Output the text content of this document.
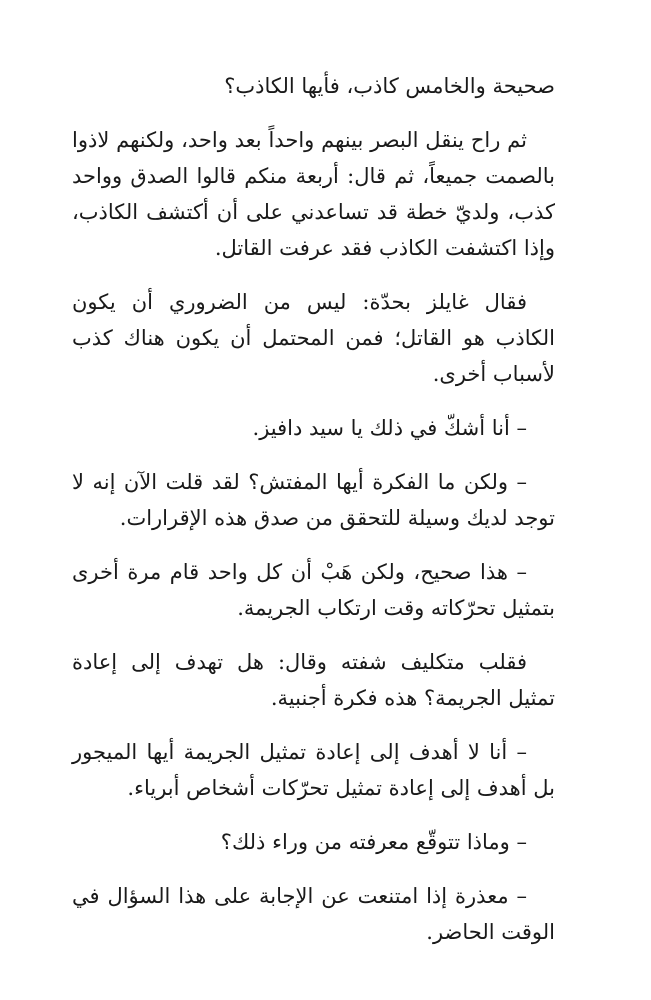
صحيحة والخامس كاذب، فأيها الكاذب؟

ثم راح ينقل البصر بينهم واحداً بعد واحد، ولكنهم لاذوا بالصمت جميعاً، ثم قال: أربعة منكم قالوا الصدق وواحد كذب، ولديّ خطة قد تساعدني على أن أكتشف الكاذب، وإذا اكتشفت الكاذب فقد عرفت القاتل.

فقال غايلز بحدّة: ليس من الضروري أن يكون الكاذب هو القاتل؛ فمن المحتمل أن يكون هناك كذب لأسباب أخرى.

– أنا أشكّ في ذلك يا سيد دافيز.

– ولكن ما الفكرة أيها المفتش؟ لقد قلت الآن إنه لا توجد لديك وسيلة للتحقق من صدق هذه الإقرارات.

– هذا صحيح، ولكن هَبْ أن كل واحد قام مرة أخرى بتمثيل تحرّكاته وقت ارتكاب الجريمة.

فقلب متكليف شفته وقال: هل تهدف إلى إعادة تمثيل الجريمة؟ هذه فكرة أجنبية.

– أنا لا أهدف إلى إعادة تمثيل الجريمة أيها الميجور بل أهدف إلى إعادة تمثيل تحرّكات أشخاص أبرياء.

– وماذا تتوقّع معرفته من وراء ذلك؟

– معذرة إذا امتنعت عن الإجابة على هذا السؤال في الوقت الحاضر.
